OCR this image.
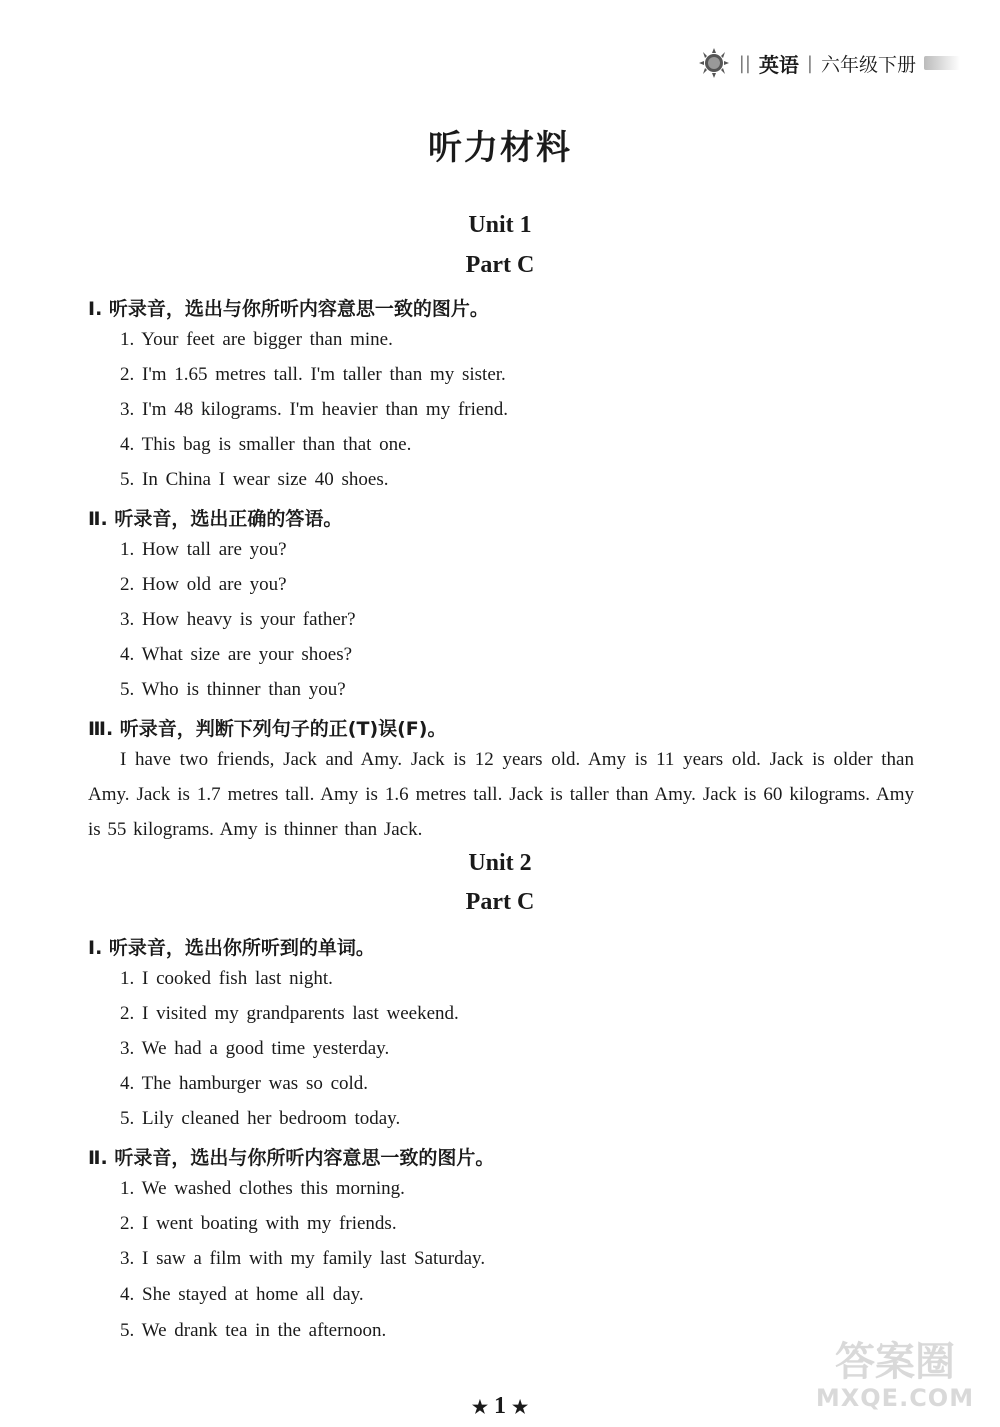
|| 英语 | 六年级下册
听力材料
Unit 1
Part C
Ⅰ. 听录音，选出与你所听内容意思一致的图片。
1. Your feet are bigger than mine.
2. I'm 1.65 metres tall. I'm taller than my sister.
3. I'm 48 kilograms. I'm heavier than my friend.
4. This bag is smaller than that one.
5. In China I wear size 40 shoes.
Ⅱ. 听录音，选出正确的答语。
1. How tall are you?
2. How old are you?
3. How heavy is your father?
4. What size are your shoes?
5. Who is thinner than you?
Ⅲ. 听录音，判断下列句子的正(T)误(F)。
I have two friends, Jack and Amy. Jack is 12 years old. Amy is 11 years old. Jack is older than Amy. Jack is 1.7 metres tall. Amy is 1.6 metres tall. Jack is taller than Amy. Jack is 60 kilograms. Amy is 55 kilograms. Amy is thinner than Jack.
Unit 2
Part C
Ⅰ. 听录音，选出你所听到的单词。
1. I cooked fish last night.
2. I visited my grandparents last weekend.
3. We had a good time yesterday.
4. The hamburger was so cold.
5. Lily cleaned her bedroom today.
Ⅱ. 听录音，选出与你所听内容意思一致的图片。
1. We washed clothes this morning.
2. I went boating with my friends.
3. I saw a film with my family last Saturday.
4. She stayed at home all day.
5. We drank tea in the afternoon.
★ 1 ★
答案圈
MXQE.COM
